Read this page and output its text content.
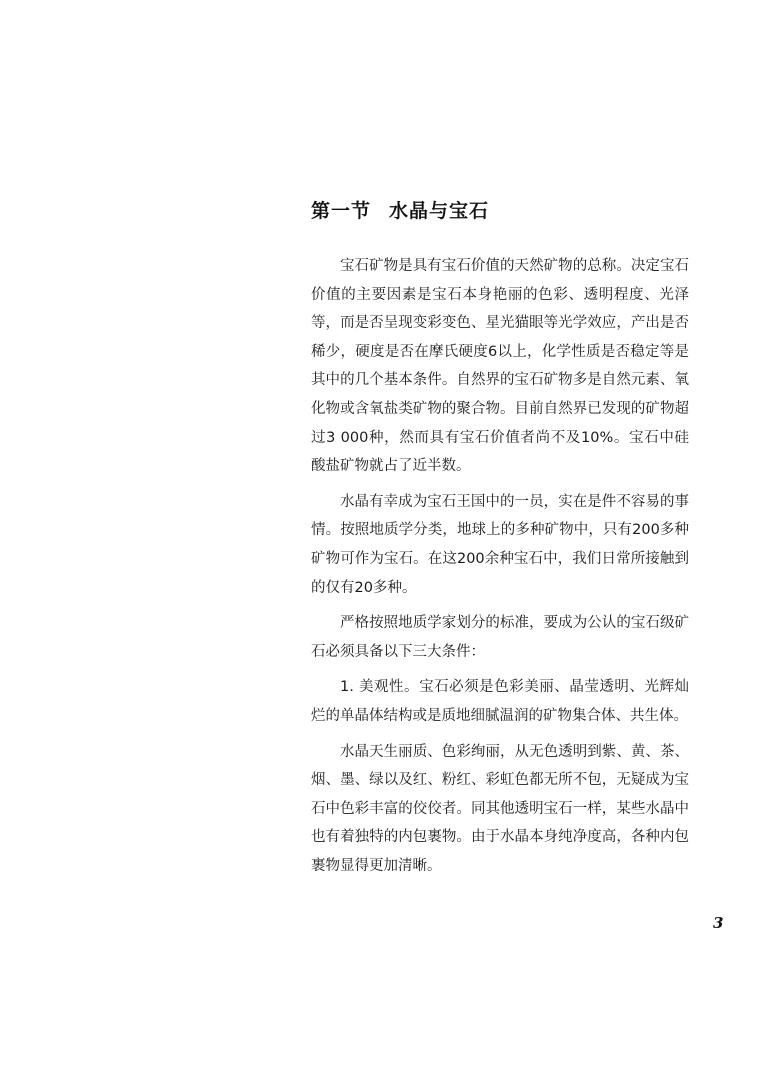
第一节 水晶与宝石

宝石矿物是具有宝石价值的天然矿物的总称。决定宝石价值的主要因素是宝石本身艳丽的色彩、透明程度、光泽等，而是否呈现变彩变色、星光猫眼等光学效应，产出是否稀少，硬度是否在摩氏硬度6以上，化学性质是否稳定等是其中的几个基本条件。自然界的宝石矿物多是自然元素、氧化物或含氧盐类矿物的聚合物。目前自然界已发现的矿物超过3 000种，然而具有宝石价值者尚不及10%。宝石中硅酸盐矿物就占了近半数。

水晶有幸成为宝石王国中的一员，实在是件不容易的事情。按照地质学分类，地球上的多种矿物中，只有200多种矿物可作为宝石。在这200余种宝石中，我们日常所接触到的仅有20多种。

严格按照地质学家划分的标准，要成为公认的宝石级矿石必须具备以下三大条件：

1. 美观性。宝石必须是色彩美丽、晶莹透明、光辉灿烂的单晶体结构或是质地细腻温润的矿物集合体、共生体。

水晶天生丽质、色彩绚丽，从无色透明到紫、黄、茶、烟、墨、绿以及红、粉红、彩虹色都无所不包，无疑成为宝石中色彩丰富的佼佼者。同其他透明宝石一样，某些水晶中也有着独特的内包裹物。由于水晶本身纯净度高，各种内包裹物显得更加清晰。

3
